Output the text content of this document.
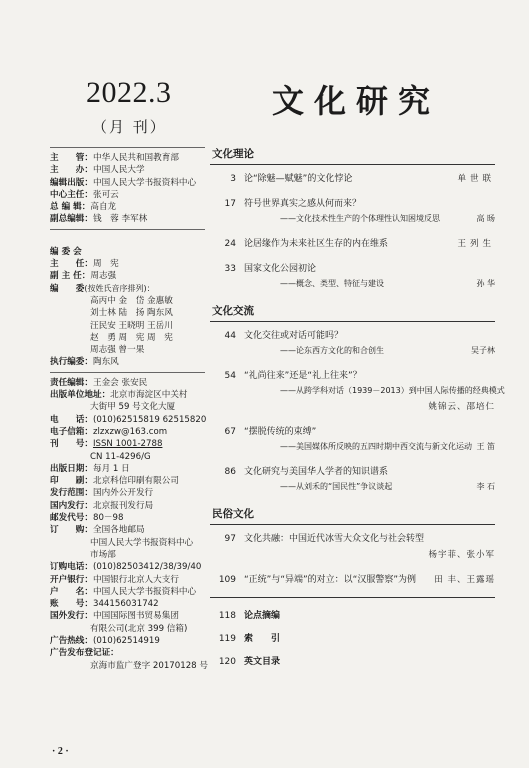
2022.3
（月 刊）
文化研究
主　　管： 中华人民共和国教育部
主　　办： 中国人民大学
编辑出版： 中国人民大学书报资料中心
中心主任： 张可云
总 编 辑： 高自龙
副总编辑： 钱　蓉 李军林
编 委 会
主　　任： 周　宪
副 主 任： 周志强
编　　委 (按姓氏音序排列)：
高丙中 金　岱 金惠敏
刘士林 陆　扬 陶东风
汪民安 王晓明 王岳川
赵　勇 周　宪 周　宪
周志强 曾一果
执行编委： 陶东风
责任编辑： 王金会 张安民
出版单位地址： 北京市海淀区中关村
大街甲 59 号文化大厦
电　　话： (010)62515819 62515820
电子信箱： zlzxzw@163.com
刊　　号： ISSN 1001-2788
CN 11-4296/G
出版日期： 每月 1 日
印　　刷： 北京科信印刷有限公司
发行范围： 国内外公开发行
国内发行： 北京报刊发行局
邮发代号： 80－98
订　　购： 全国各地邮局
中国人民大学书报资料中心
市场部
订购电话： (010)82503412/38/39/40
开户银行： 中国银行北京人大支行
户　　名： 中国人民大学书报资料中心
账　　号： 344156031742
国外发行： 中国国际图书贸易集团
有限公司(北京 399 信箱)
广告热线： (010)62514919
广告发布登记证：
京海市监广登字 20170128 号
文化理论
3 论“除魅—赋魅”的文化悖论	单世联
17 符号世界真实之感从何而来？
——文化技术性生产的个体理性认知困境反思	高 旸
24 论居缘作为未来社区生存的内在维系	王列生
33 国家文化公园初论
——概念、类型、特征与建设	孙 华
文化交流
44 文化交往或对话可能吗？
——论东西方文化的和合创生	吴子林
54 “礼尚往来”还是“礼上往来”？
——从跨学科对话（1939－2013）到中国人际传播的经典模式
姚锦云、邵培仁
67 “摆脱传统的束缚”
——美国媒体所反映的五四时期中西交流与新文化运动 王 笛
86 文化研究与美国华人学者的知识谱系
——从刘禾的“国民性”争议谈起	李 石
民俗文化
97 文化共融：中国近代冰雪大众文化与社会转型
杨宇菲、张小军
109 “正统”与“异端”的对立：以“汉服警察”为例	田 丰、王露瑶
118 论点摘编
119 索　　引
120 英文目录
· 2 ·
